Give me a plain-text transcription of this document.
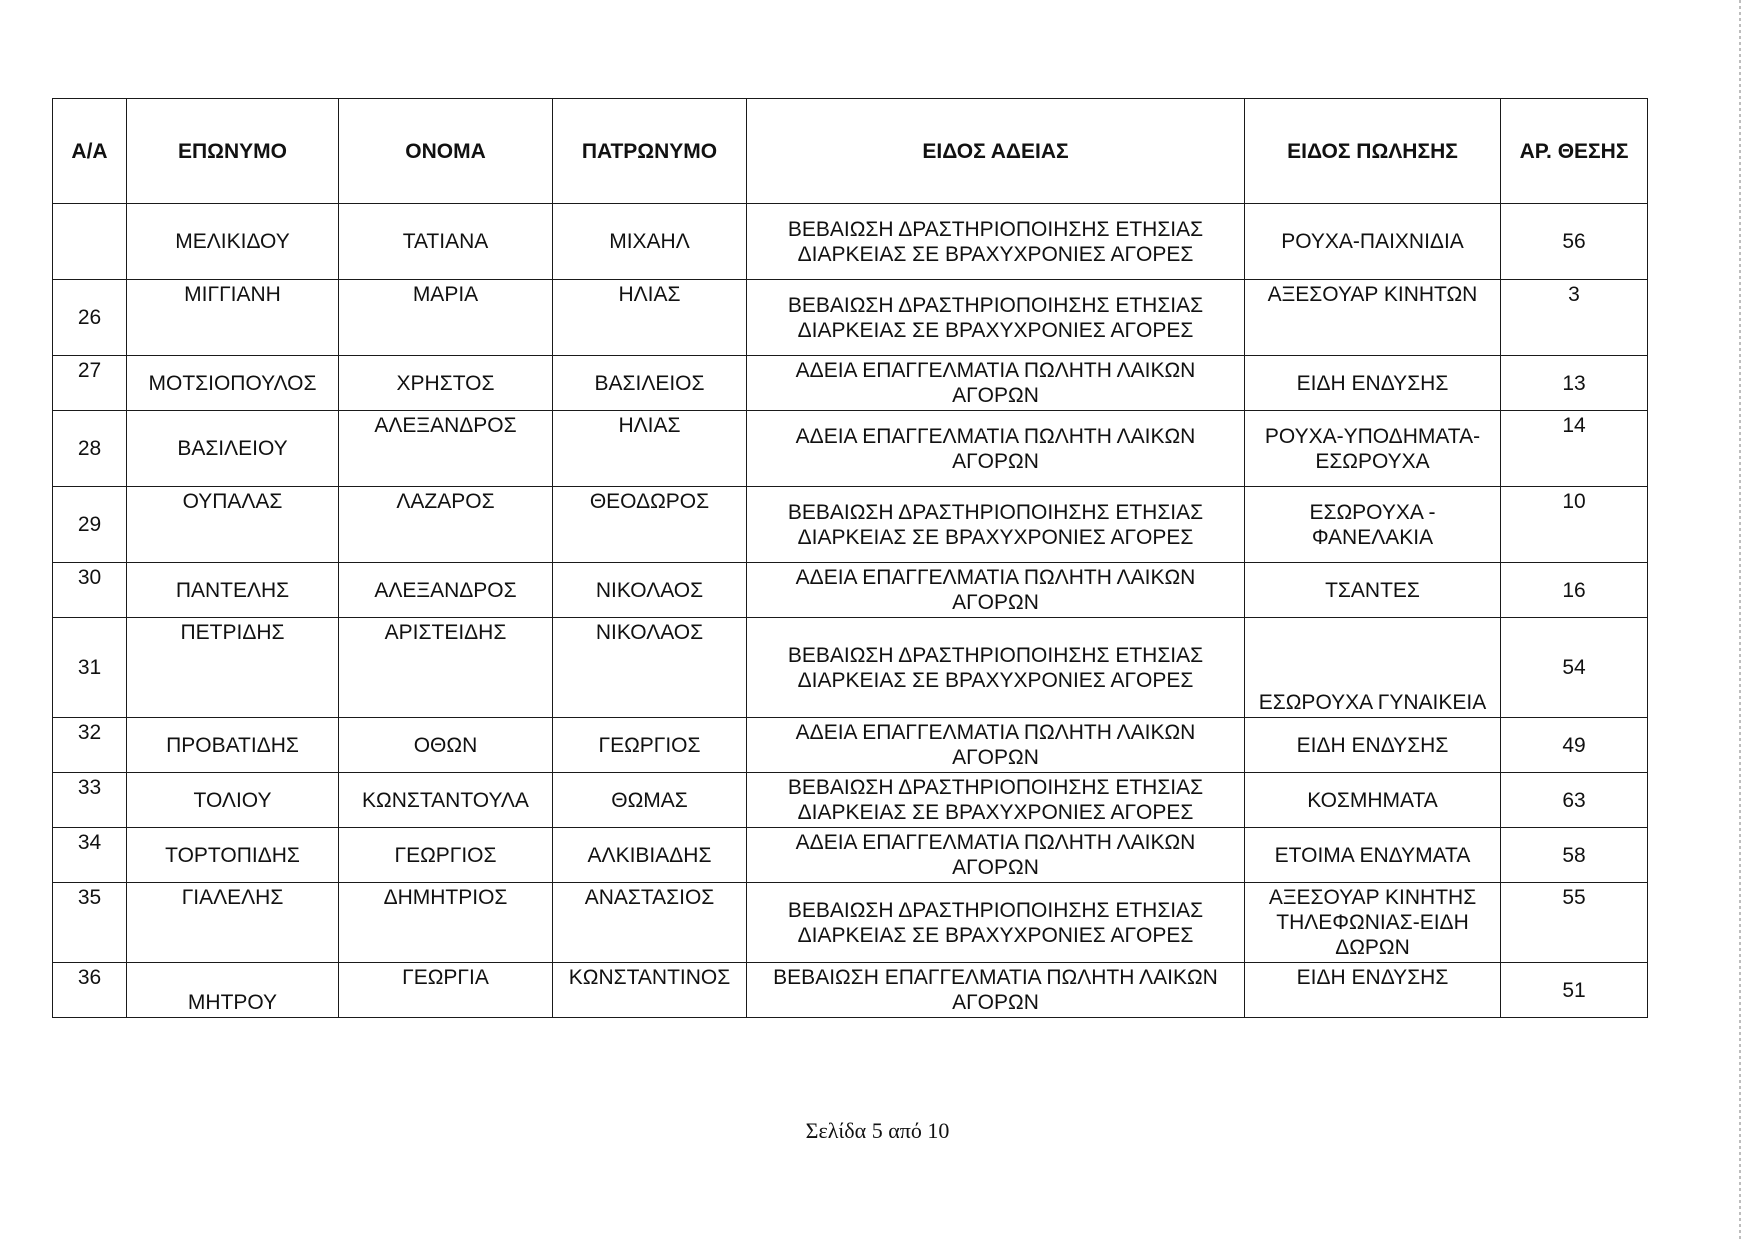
Α/Α	ΕΠΩΝΥΜΟ	ΟΝΟΜΑ	ΠΑΤΡΩΝΥΜΟ	ΕΙΔΟΣ ΑΔΕΙΑΣ	ΕΙΔΟΣ ΠΩΛΗΣΗΣ	ΑΡ. ΘΕΣΗΣ
	ΜΕΛΙΚΙΔΟΥ	ΤΑΤΙΑΝΑ	ΜΙΧΑΗΛ	ΒΕΒΑΙΩΣΗ ΔΡΑΣΤΗΡΙΟΠΟΙΗΣΗΣ ΕΤΗΣΙΑΣ ΔΙΑΡΚΕΙΑΣ ΣΕ ΒΡΑΧΥΧΡΟΝΙΕΣ ΑΓΟΡΕΣ	ΡΟΥΧΑ-ΠΑΙΧΝΙΔΙΑ	56
26	ΜΙΓΓΙΑΝΗ	ΜΑΡΙΑ	ΗΛΙΑΣ	ΒΕΒΑΙΩΣΗ ΔΡΑΣΤΗΡΙΟΠΟΙΗΣΗΣ ΕΤΗΣΙΑΣ ΔΙΑΡΚΕΙΑΣ ΣΕ ΒΡΑΧΥΧΡΟΝΙΕΣ ΑΓΟΡΕΣ	ΑΞΕΣΟΥΑΡ ΚΙΝΗΤΩΝ	3
27	ΜΟΤΣΙΟΠΟΥΛΟΣ	ΧΡΗΣΤΟΣ	ΒΑΣΙΛΕΙΟΣ	ΑΔΕΙΑ ΕΠΑΓΓΕΛΜΑΤΙΑ ΠΩΛΗΤΗ ΛΑΙΚΩΝ ΑΓΟΡΩΝ	ΕΙΔΗ ΕΝΔΥΣΗΣ	13
28	ΒΑΣΙΛΕΙΟΥ	ΑΛΕΞΑΝΔΡΟΣ	ΗΛΙΑΣ	ΑΔΕΙΑ ΕΠΑΓΓΕΛΜΑΤΙΑ ΠΩΛΗΤΗ ΛΑΙΚΩΝ ΑΓΟΡΩΝ	ΡΟΥΧΑ-ΥΠΟΔΗΜΑΤΑ-ΕΣΩΡΟΥΧΑ	14
29	ΟΥΠΑΛΑΣ	ΛΑΖΑΡΟΣ	ΘΕΟΔΩΡΟΣ	ΒΕΒΑΙΩΣΗ ΔΡΑΣΤΗΡΙΟΠΟΙΗΣΗΣ ΕΤΗΣΙΑΣ ΔΙΑΡΚΕΙΑΣ ΣΕ ΒΡΑΧΥΧΡΟΝΙΕΣ ΑΓΟΡΕΣ	ΕΣΩΡΟΥΧΑ - ΦΑΝΕΛΑΚΙΑ	10
30	ΠΑΝΤΕΛΗΣ	ΑΛΕΞΑΝΔΡΟΣ	ΝΙΚΟΛΑΟΣ	ΑΔΕΙΑ ΕΠΑΓΓΕΛΜΑΤΙΑ ΠΩΛΗΤΗ ΛΑΙΚΩΝ ΑΓΟΡΩΝ	ΤΣΑΝΤΕΣ	16
31	ΠΕΤΡΙΔΗΣ	ΑΡΙΣΤΕΙΔΗΣ	ΝΙΚΟΛΑΟΣ	ΒΕΒΑΙΩΣΗ ΔΡΑΣΤΗΡΙΟΠΟΙΗΣΗΣ ΕΤΗΣΙΑΣ ΔΙΑΡΚΕΙΑΣ ΣΕ ΒΡΑΧΥΧΡΟΝΙΕΣ ΑΓΟΡΕΣ	ΕΣΩΡΟΥΧΑ ΓΥΝΑΙΚΕΙΑ	54
32	ΠΡΟΒΑΤΙΔΗΣ	ΟΘΩΝ	ΓΕΩΡΓΙΟΣ	ΑΔΕΙΑ ΕΠΑΓΓΕΛΜΑΤΙΑ ΠΩΛΗΤΗ ΛΑΙΚΩΝ ΑΓΟΡΩΝ	ΕΙΔΗ ΕΝΔΥΣΗΣ	49
33	ΤΟΛΙΟΥ	ΚΩΝΣΤΑΝΤΟΥΛΑ	ΘΩΜΑΣ	ΒΕΒΑΙΩΣΗ ΔΡΑΣΤΗΡΙΟΠΟΙΗΣΗΣ ΕΤΗΣΙΑΣ ΔΙΑΡΚΕΙΑΣ ΣΕ ΒΡΑΧΥΧΡΟΝΙΕΣ ΑΓΟΡΕΣ	ΚΟΣΜΗΜΑΤΑ	63
34	ΤΟΡΤΟΠΙΔΗΣ	ΓΕΩΡΓΙΟΣ	ΑΛΚΙΒΙΑΔΗΣ	ΑΔΕΙΑ ΕΠΑΓΓΕΛΜΑΤΙΑ ΠΩΛΗΤΗ ΛΑΙΚΩΝ ΑΓΟΡΩΝ	ΕΤΟΙΜΑ ΕΝΔΥΜΑΤΑ	58
35	ΓΙΑΛΕΛΗΣ	ΔΗΜΗΤΡΙΟΣ	ΑΝΑΣΤΑΣΙΟΣ	ΒΕΒΑΙΩΣΗ ΔΡΑΣΤΗΡΙΟΠΟΙΗΣΗΣ ΕΤΗΣΙΑΣ ΔΙΑΡΚΕΙΑΣ ΣΕ ΒΡΑΧΥΧΡΟΝΙΕΣ ΑΓΟΡΕΣ	ΑΞΕΣΟΥΑΡ ΚΙΝΗΤΗΣ ΤΗΛΕΦΩΝΙΑΣ-ΕΙΔΗ ΔΩΡΩΝ	55
36	ΜΗΤΡΟΥ	ΓΕΩΡΓΙΑ	ΚΩΝΣΤΑΝΤΙΝΟΣ	ΒΕΒΑΙΩΣΗ ΕΠΑΓΓΕΛΜΑΤΙΑ ΠΩΛΗΤΗ ΛΑΙΚΩΝ ΑΓΟΡΩΝ	ΕΙΔΗ ΕΝΔΥΣΗΣ	51
Σελίδα 5 από 10
